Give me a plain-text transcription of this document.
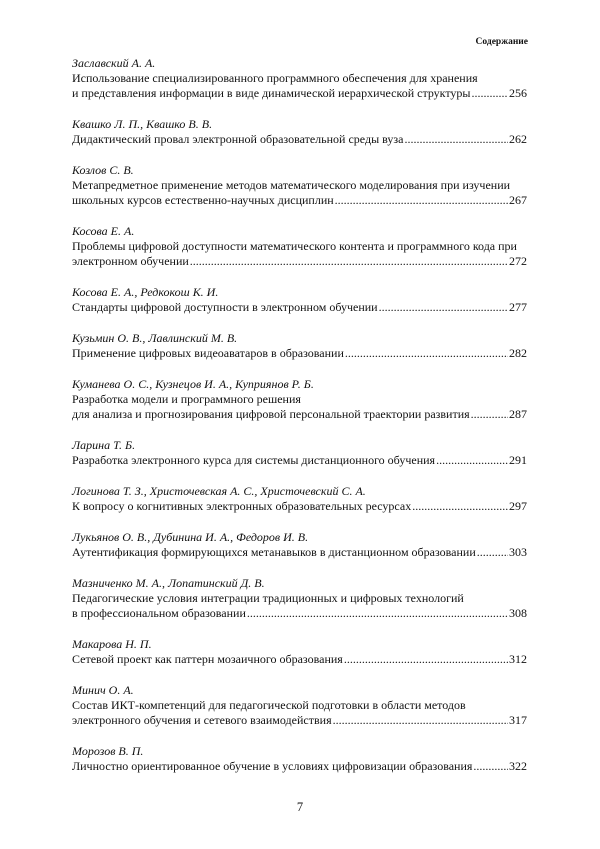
Содержание
Заславский А. А.
Использование специализированного программного обеспечения для хранения
и представления информации в виде динамической иерархической структуры .....	256
Квашко Л. П., Квашко В. В.
Дидактический провал электронной образовательной среды вуза .....	262
Козлов С. В.
Метапредметное применение методов математического моделирования при изучении
школьных курсов естественно-научных дисциплин .....	267
Косова Е. А.
Проблемы цифровой доступности математического контента и программного кода при
электронном обучении .....	272
Косова Е. А., Редкокош К. И.
Стандарты цифровой доступности в электронном обучении .....	277
Кузьмин О. В., Лавлинский М. В.
Применение цифровых видеоаватаров в образовании .....	282
Куманева О. С., Кузнецов И. А., Куприянов Р. Б.
Разработка модели и программного решения
для анализа и прогнозирования цифровой персональной траектории развития .....	287
Ларина Т. Б.
Разработка электронного курса для системы дистанционного обучения .....	291
Логинова Т. З., Христочевская А. С., Христочевский С. А.
К вопросу о когнитивных электронных образовательных ресурсах .....	297
Лукьянов О. В., Дубинина И. А., Федоров И. В.
Аутентификация формирующихся метанавыков в дистанционном образовании .....	303
Мазниченко М. А., Лопатинский Д. В.
Педагогические условия интеграции традиционных и цифровых технологий
в профессиональном образовании .....	308
Макарова Н. П.
Сетевой проект как паттерн мозаичного образования .....	312
Минич О. А.
Состав ИКТ-компетенций для педагогической подготовки в области методов
электронного обучения и сетевого взаимодействия .....	317
Морозов В. П.
Личностно ориентированное обучение в условиях цифровизации образования .....	322
7
